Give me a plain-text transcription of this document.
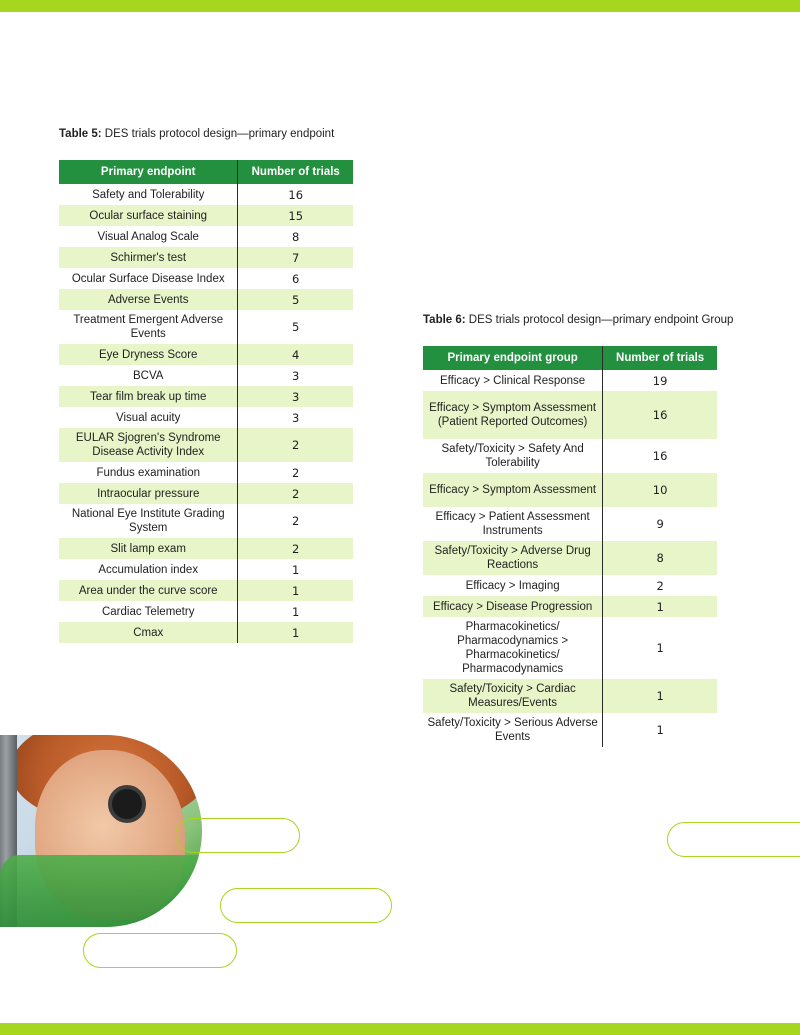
Table 5: DES trials protocol design—primary endpoint
Primary endpoint	Number of trials
Safety and Tolerability	16
Ocular surface staining	15
Visual Analog Scale	8
Schirmer's test	7
Ocular Surface Disease Index	6
Adverse Events	5
Treatment Emergent Adverse Events	5
Eye Dryness Score	4
BCVA	3
Tear film break up time	3
Visual acuity	3
EULAR Sjogren's Syndrome Disease Activity Index	2
Fundus examination	2
Intraocular pressure	2
National Eye Institute Grading System	2
Slit lamp exam	2
Accumulation index	1
Area under the curve score	1
Cardiac Telemetry	1
Cmax	1
Table 6: DES trials protocol design—primary endpoint Group
Primary endpoint group	Number of trials
Efficacy > Clinical Response	19
Efficacy > Symptom Assessment (Patient Reported Outcomes)	16
Safety/Toxicity > Safety And Tolerability	16
Efficacy > Symptom Assessment	10
Efficacy > Patient Assessment Instruments	9
Safety/Toxicity > Adverse Drug Reactions	8
Efficacy > Imaging	2
Efficacy > Disease Progression	1
Pharmacokinetics/ Pharmacodynamics > Pharmacokinetics/ Pharmacodynamics	1
Safety/Toxicity > Cardiac Measures/Events	1
Safety/Toxicity > Serious Adverse Events	1
